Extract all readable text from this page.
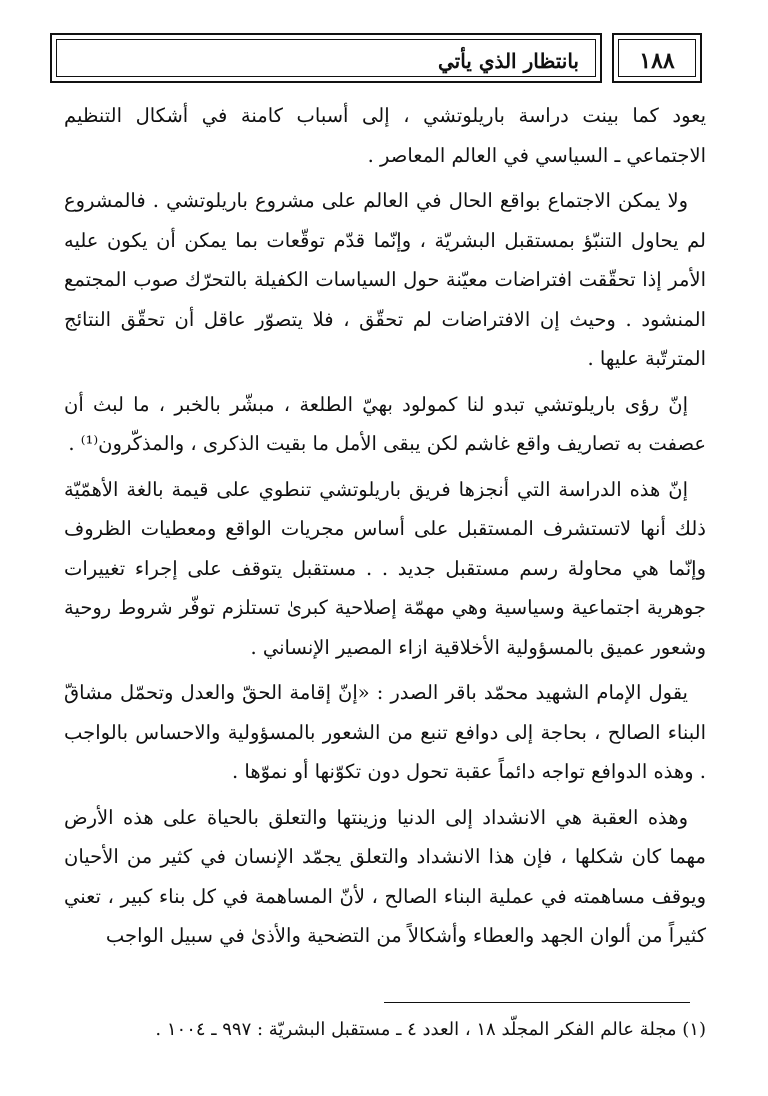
بانتظار الذي يأتي	١٨٨

يعود كما بينت دراسة باريلوتشي ، إلى أسباب كامنة في أشكال التنظيم الاجتماعي ـ السياسي في العالم المعاصر .

ولا يمكن الاجتماع بواقع الحال في العالم على مشروع باريلوتشي . فالمشروع لم يحاول التنبّؤ بمستقبل البشريّة ، وإنّما قدّم توقّعات بما يمكن أن يكون عليه الأمر إذا تحقّقت افتراضات معيّنة حول السياسات الكفيلة بالتحرّك صوب المجتمع المنشود . وحيث إن الافتراضات لم تحقّق ، فلا يتصوّر عاقل أن تحقّق النتائج المترتّبة عليها .

إنّ رؤى باريلوتشي تبدو لنا كمولود بهيّ الطلعة ، مبشّر بالخبر ، ما لبث أن عصفت به تصاريف واقع غاشم لكن يبقى الأمل ما بقيت الذكرى ، والمذكّرون⁽¹⁾ .

إنّ هذه الدراسة التي أنجزها فريق باريلوتشي تنطوي على قيمة بالغة الأهمّيّة ذلك أنها لاتستشرف المستقبل على أساس مجريات الواقع ومعطيات الظروف وإنّما هي محاولة رسم مستقبل جديد . . مستقبل يتوقف على إجراء تغييرات جوهرية اجتماعية وسياسية وهي مهمّة إصلاحية كبرىٰ تستلزم توفّر شروط روحية وشعور عميق بالمسؤولية الأخلاقية ازاء المصير الإنساني .

يقول الإمام الشهيد محمّد باقر الصدر : «إنّ إقامة الحقّ والعدل وتحمّل مشاقّ البناء الصالح ، بحاجة إلى دوافع تنبع من الشعور بالمسؤولية والاحساس بالواجب . وهذه الدوافع تواجه دائماً عقبة تحول دون تكوّنها أو نموّها .

وهذه العقبة هي الانشداد إلى الدنيا وزينتها والتعلق بالحياة على هذه الأرض مهما كان شكلها ، فإن هذا الانشداد والتعلق يجمّد الإنسان في كثير من الأحيان ويوقف مساهمته في عملية البناء الصالح ، لأنّ المساهمة في كل بناء كبير ، تعني كثيراً من ألوان الجهد والعطاء وأشكالاً من التضحية والأذىٰ في سبيل الواجب

(١) مجلة عالم الفكر المجلّد ١٨ ، العدد ٤ ـ مستقبل البشريّة : ٩٩٧ ـ ١٠٠٤ .
